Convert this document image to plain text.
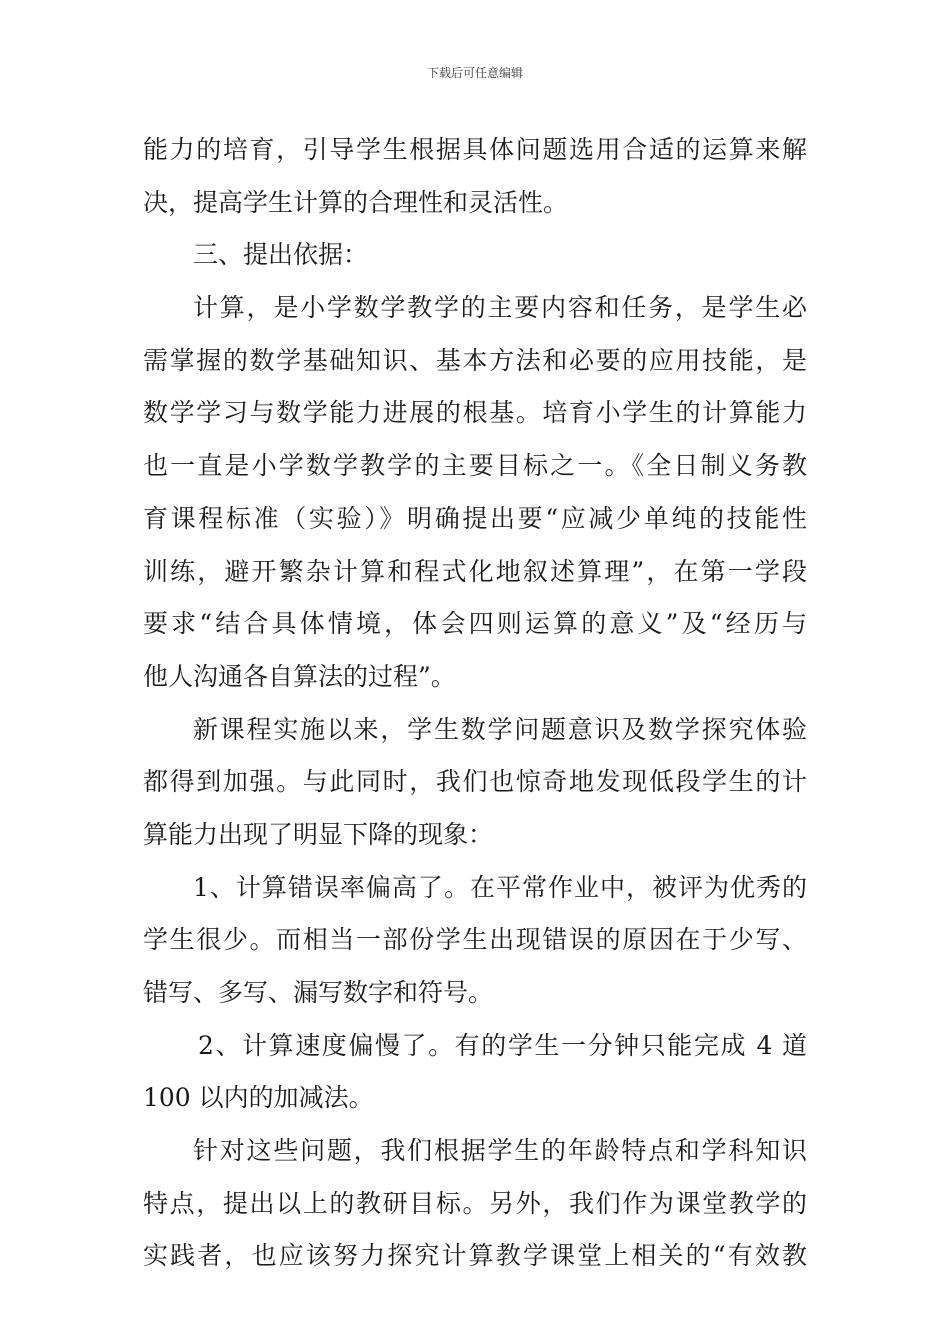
下载后可任意编辑
能力的培育，引导学生根据具体问题选用合适的运算来解
决，提高学生计算的合理性和灵活性。
三、提出依据：
计算，是小学数学教学的主要内容和任务，是学生必
需掌握的数学基础知识、基本方法和必要的应用技能，是
数学学习与数学能力进展的根基。培育小学生的计算能力
也一直是小学数学教学的主要目标之一。《全日制义务教
育课程标准（实验）》明确提出要“应减少单纯的技能性
训练，避开繁杂计算和程式化地叙述算理”，在第一学段
要求“结合具体情境，体会四则运算的意义”及“经历与
他人沟通各自算法的过程”。
新课程实施以来，学生数学问题意识及数学探究体验
都得到加强。与此同时，我们也惊奇地发现低段学生的计
算能力出现了明显下降的现象：
1、计算错误率偏高了。在平常作业中，被评为优秀的
学生很少。而相当一部份学生出现错误的原因在于少写、
错写、多写、漏写数字和符号。
2、计算速度偏慢了。有的学生一分钟只能完成 4 道
100 以内的加减法。
针对这些问题，我们根据学生的年龄特点和学科知识
特点，提出以上的教研目标。另外，我们作为课堂教学的
实践者，也应该努力探究计算教学课堂上相关的“有效教
